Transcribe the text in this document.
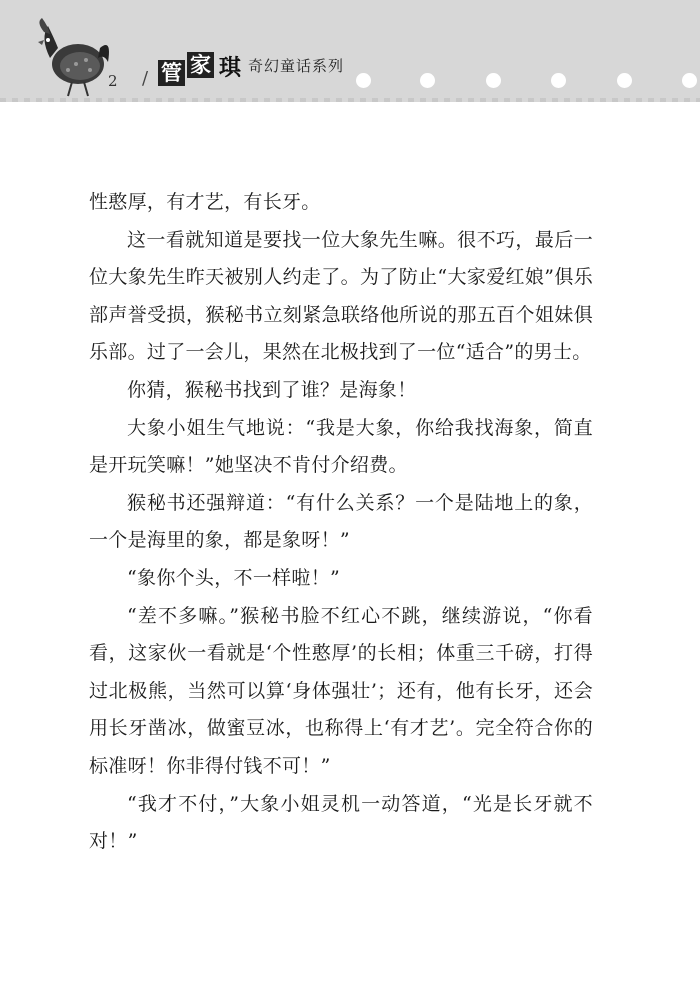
2 / 管 家 琪 奇幻童话系列

性憨厚，有才艺，有长牙。

这一看就知道是要找一位大象先生嘛。很不巧，最后一位大象先生昨天被别人约走了。为了防止“大家爱红娘”俱乐部声誉受损，猴秘书立刻紧急联络他所说的那五百个姐妹俱乐部。过了一会儿，果然在北极找到了一位“适合”的男士。

你猜，猴秘书找到了谁？是海象！

大象小姐生气地说：“我是大象，你给我找海象，简直是开玩笑嘛！”她坚决不肯付介绍费。

猴秘书还强辩道：“有什么关系？一个是陆地上的象，一个是海里的象，都是象呀！”

“象你个头，不一样啦！”

“差不多嘛。”猴秘书脸不红心不跳，继续游说，“你看看，这家伙一看就是‘个性憨厚’的长相；体重三千磅，打得过北极熊，当然可以算‘身体强壮’；还有，他有长牙，还会用长牙凿冰，做蜜豆冰，也称得上‘有才艺’。完全符合你的标准呀！你非得付钱不可！”

“我才不付，”大象小姐灵机一动答道，“光是长牙就不对！”
